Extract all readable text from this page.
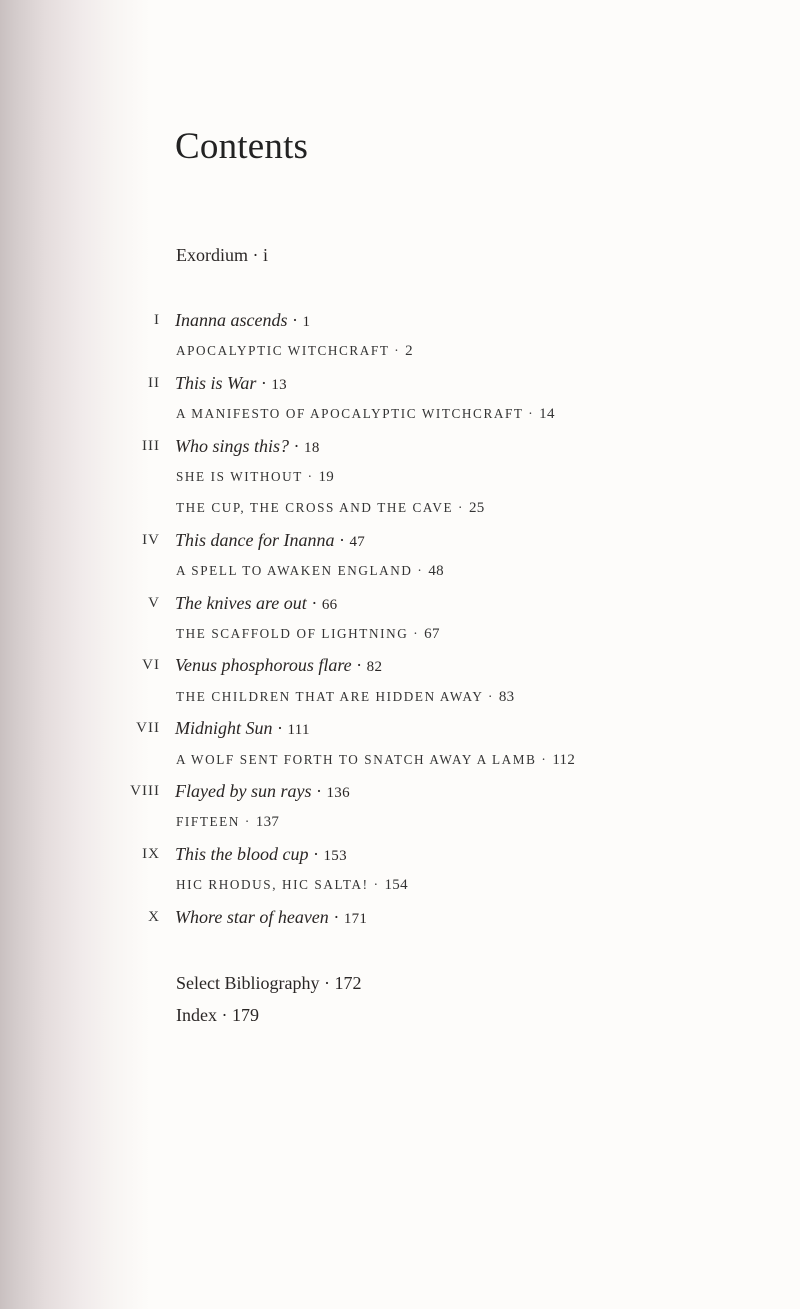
Contents
Exordium · i
I Inanna ascends · 1
APOCALYPTIC WITCHCRAFT · 2
II This is War · 13
A MANIFESTO OF APOCALYPTIC WITCHCRAFT · 14
III Who sings this? · 18
SHE IS WITHOUT · 19
THE CUP, THE CROSS AND THE CAVE · 25
IV This dance for Inanna · 47
A SPELL TO AWAKEN ENGLAND · 48
V The knives are out · 66
THE SCAFFOLD OF LIGHTNING · 67
VI Venus phosphorous flare · 82
THE CHILDREN THAT ARE HIDDEN AWAY · 83
VII Midnight Sun · 111
A WOLF SENT FORTH TO SNATCH AWAY A LAMB · 112
VIII Flayed by sun rays · 136
FIFTEEN · 137
IX This the blood cup · 153
HIC RHODUS, HIC SALTA! · 154
X Whore star of heaven · 171
Select Bibliography · 172
Index · 179
